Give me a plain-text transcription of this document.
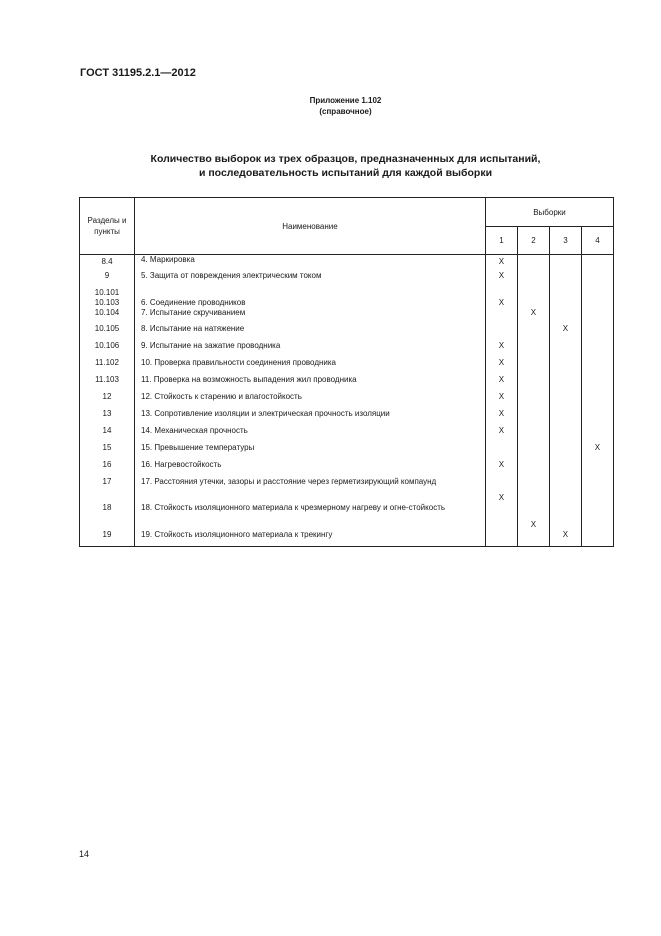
ГОСТ 31195.2.1—2012
Приложение 1.102
(справочное)
Количество выборок из трех образцов, предназначенных для испытаний,
и последовательность испытаний для каждой выборки
Разделы и пункты	Наименование	Выборки			
		1	2	3	4

8.4	4. Маркировка	X			

9	5. Защита от повреждения электрическим током	X			

10.101
10.103	6. Соединение проводников	X			

10.104	7. Испытание скручиванием		X		

10.105	8. Испытание на натяжение			X	

10.106	9. Испытание на зажатие проводника	X			

11.102	10. Проверка правильности соединения проводника	X			

11.103	11. Проверка на возможность выпадения жил проводника	X			

12	12. Стойкость к старению и влагостойкость	X			

13	13. Сопротивление изоляции и электрическая прочность изоляции	X			

14	14. Механическая прочность	X			

15	15. Превышение температуры				X

16	16. Нагревостойкость	X			

17	17. Расстояния утечки, зазоры и расстояние через герметизирующий компаунд	X			

18	18. Стойкость изоляционного материала к чрезмерному нагреву и огне-стойкость		X		

19	19. Стойкость изоляционного материала к трекингу			X	
14
